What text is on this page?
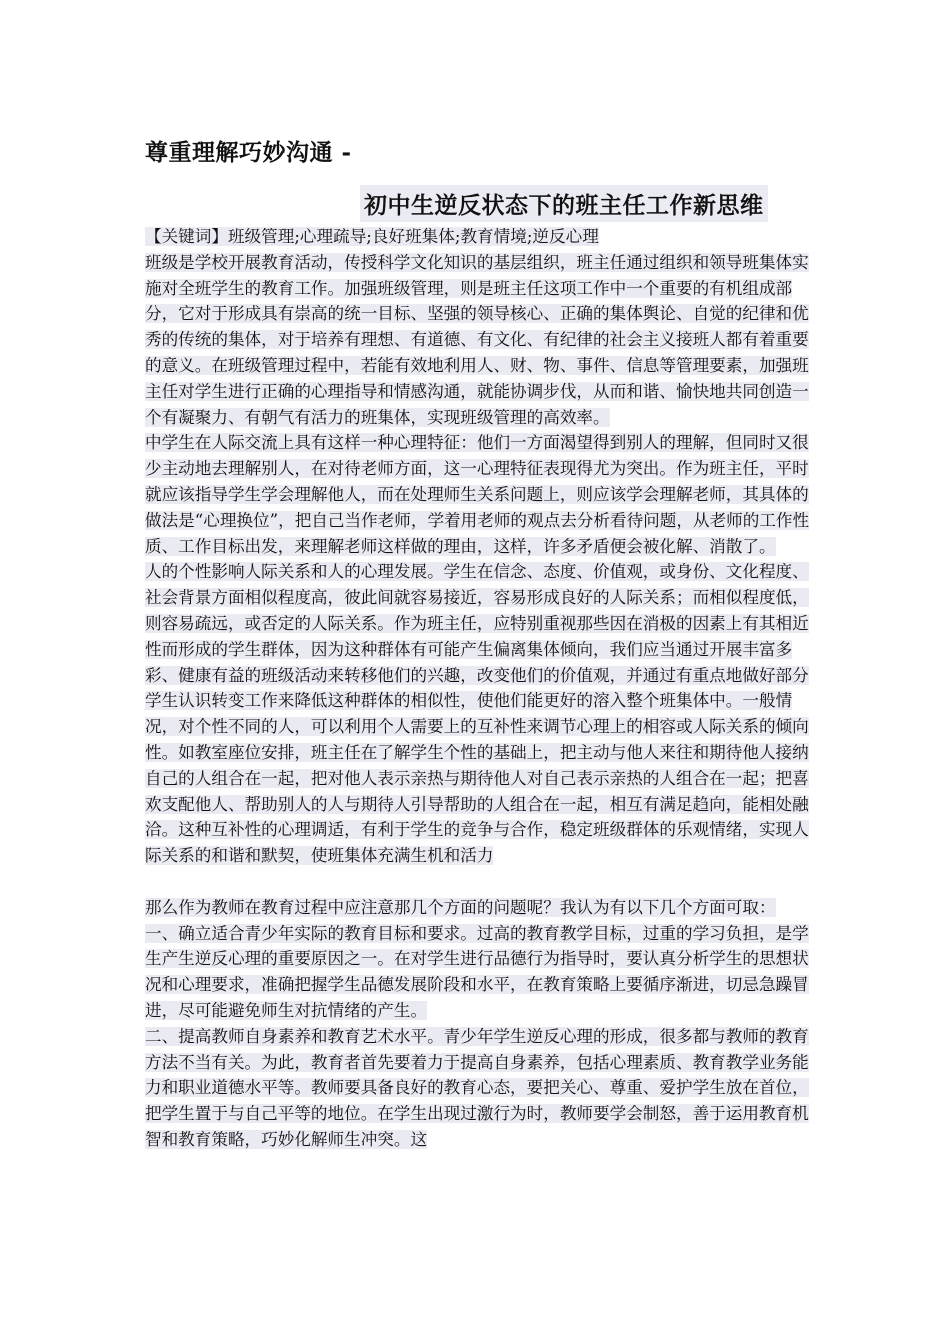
尊重理解巧妙沟通 -
初中生逆反状态下的班主任工作新思维

【关键词】班级管理;心理疏导;良好班集体;教育情境;逆反心理

班级是学校开展教育活动，传授科学文化知识的基层组织，班主任通过组织和领导班集体实施对全班学生的教育工作。加强班级管理，则是班主任这项工作中一个重要的有机组成部分，它对于形成具有崇高的统一目标、坚强的领导核心、正确的集体舆论、自觉的纪律和优秀的传统的集体，对于培养有理想、有道德、有文化、有纪律的社会主义接班人都有着重要的意义。在班级管理过程中，若能有效地利用人、财、物、事件、信息等管理要素，加强班主任对学生进行正确的心理指导和情感沟通，就能协调步伐，从而和谐、愉快地共同创造一个有凝聚力、有朝气有活力的班集体，实现班级管理的高效率。

中学生在人际交流上具有这样一种心理特征：他们一方面渴望得到别人的理解，但同时又很少主动地去理解别人，在对待老师方面，这一心理特征表现得尤为突出。作为班主任，平时就应该指导学生学会理解他人，而在处理师生关系问题上，则应该学会理解老师，其具体的做法是“心理换位”，把自己当作老师，学着用老师的观点去分析看待问题，从老师的工作性质、工作目标出发，来理解老师这样做的理由，这样，许多矛盾便会被化解、消散了。

人的个性影响人际关系和人的心理发展。学生在信念、态度、价值观，或身份、文化程度、社会背景方面相似程度高，彼此间就容易接近，容易形成良好的人际关系；而相似程度低，则容易疏远，或否定的人际关系。作为班主任，应特别重视那些因在消极的因素上有其相近性而形成的学生群体，因为这种群体有可能产生偏离集体倾向，我们应当通过开展丰富多彩、健康有益的班级活动来转移他们的兴趣，改变他们的价值观，并通过有重点地做好部分学生认识转变工作来降低这种群体的相似性，使他们能更好的溶入整个班集体中。一般情况，对个性不同的人，可以利用个人需要上的互补性来调节心理上的相容或人际关系的倾向性。如教室座位安排，班主任在了解学生个性的基础上，把主动与他人来往和期待他人接纳自己的人组合在一起，把对他人表示亲热与期待他人对自己表示亲热的人组合在一起；把喜欢支配他人、帮助别人的人与期待人引导帮助的人组合在一起，相互有满足趋向，能相处融洽。这种互补性的心理调适，有利于学生的竞争与合作，稳定班级群体的乐观情绪，实现人际关系的和谐和默契，使班集体充满生机和活力

那么作为教师在教育过程中应注意那几个方面的问题呢？我认为有以下几个方面可取：

一、确立适合青少年实际的教育目标和要求。过高的教育教学目标，过重的学习负担，是学生产生逆反心理的重要原因之一。在对学生进行品德行为指导时，要认真分析学生的思想状况和心理要求，准确把握学生品德发展阶段和水平，在教育策略上要循序渐进，切忌急躁冒进，尽可能避免师生对抗情绪的产生。

二、提高教师自身素养和教育艺术水平。青少年学生逆反心理的形成，很多都与教师的教育方法不当有关。为此，教育者首先要着力于提高自身素养，包括心理素质、教育教学业务能力和职业道德水平等。教师要具备良好的教育心态，要把关心、尊重、爱护学生放在首位，把学生置于与自己平等的地位。在学生出现过激行为时，教师要学会制怒，善于运用教育机智和教育策略，巧妙化解师生冲突。这
